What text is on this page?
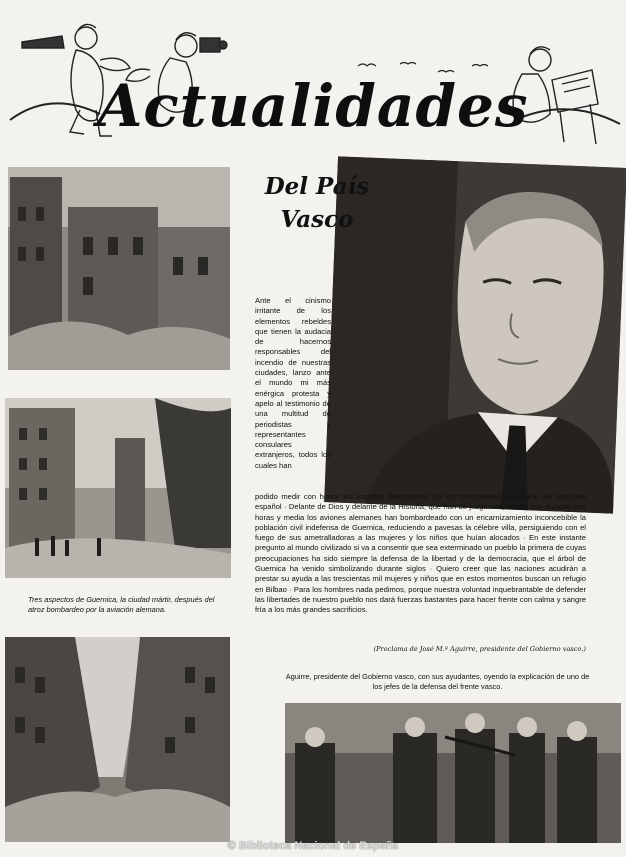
Actualidades
Del País
Vasco

Ante el cinismo irritante de los elementos rebeldes que tienen la audacia de hacernos responsables del incendio de nuestras ciudades, lanzo ante el mundo mi más enérgica protesta y apelo al testimonio de una multitud de periodistas y representantes consulares extranjeros, todos los cuales han

podido medir con horror los instintos destructores de los mercenarios al servicio del fascismo español · Delante de Dios y delante de la Historia, que han de juzgarnos, afirmo que durante tres horas y media los aviones alemanes han bombardeado con un encarnizamiento inconcebible la población civil indefensa de Guernica, reduciendo a pavesas la célebre villa, persiguiendo con el fuego de sus ametralladoras a las mujeres y los niños que huían alocados · En este instante pregunto al mundo civilizado si va a consentir que sea exterminado un pueblo la primera de cuyas preocupaciones ha sido siempre la defensa de la libertad y de la democracia, que el árbol de Guernica ha venido simbolizando durante siglos · Quiero creer que las naciones acudirán a prestar su ayuda a las trescientas mil mujeres y niños que en estos momentos buscan un refugio en Bilbao · Para los hombres nada pedimos, porque nuestra voluntad inquebrantable de defender las libertades de nuestro pueblo nos dará fuerzas bastantes para hacer frente con calma y sangre fría a los más grandes sacrificios.

(Proclama de José M.ª Aguirre, presidente del Gobierno vasco.)
Tres aspectos de Guernica, la ciudad mártir, después del atroz bombardeo por la aviación alemana.
Aguirre, presidente del Gobierno vasco, con sus ayudantes, oyendo la explicación de uno de los jefes de la defensa del frente vasco.
© Biblioteca Nacional de España
